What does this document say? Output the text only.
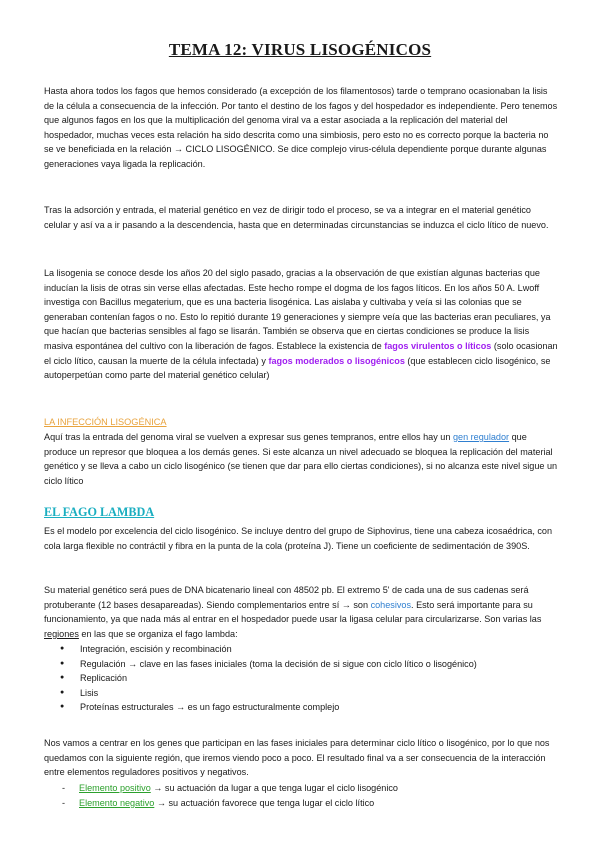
TEMA 12: VIRUS LISOGÉNICOS

Hasta ahora todos los fagos que hemos considerado (a excepción de los filamentosos) tarde o temprano ocasionaban la lisis de la célula a consecuencia de la infección. Por tanto el destino de los fagos y del hospedador es independiente. Pero tenemos que algunos fagos en los que la multiplicación del genoma viral va a estar asociada a la replicación del material del hospedador, muchas veces esta relación ha sido descrita como una simbiosis, pero esto no es correcto porque la bacteria no se ve beneficiada en la relación → CICLO LISOGÉNICO. Se dice complejo virus-célula dependiente porque durante algunas generaciones vaya ligada la replicación.

Tras la adsorción y entrada, el material genético en vez de dirigir todo el proceso, se va a integrar en el material genético celular y así va a ir pasando a la descendencia, hasta que en determinadas circunstancias se induzca el ciclo lítico de nuevo.

La lisogenia se conoce desde los años 20 del siglo pasado, gracias a la observación de que existían algunas bacterias que inducían la lisis de otras sin verse ellas afectadas. Este hecho rompe el dogma de los fagos líticos. En los años 50 A. Lwoff investiga con Bacillus megaterium, que es una bacteria lisogénica. Las aislaba y cultivaba y veía si las colonias que se generaban contenían fagos o no. Esto lo repitió durante 19 generaciones y siempre veía que las bacterias eran peculiares, ya que hacían que bacterias sensibles al fago se lisarán. También se observa que en ciertas condiciones se produce la lisis masiva espontánea del cultivo con la liberación de fagos. Establece la existencia de fagos virulentos o líticos (solo ocasionan el ciclo lítico, causan la muerte de la célula infectada) y fagos moderados o lisogénicos (que establecen ciclo lisogénico, se autoperpetúan como parte del material genético celular)

LA INFECCIÓN LISOGÉNICA

Aquí tras la entrada del genoma viral se vuelven a expresar sus genes tempranos, entre ellos hay un gen regulador que produce un represor que bloquea a los demás genes. Si este alcanza un nivel adecuado se bloquea la replicación del material genético y se lleva a cabo un ciclo lisogénico (se tienen que dar para ello ciertas condiciones), si no alcanza este nivel sigue un ciclo lítico

EL FAGO LAMBDA

Es el modelo por excelencia del ciclo lisogénico. Se incluye dentro del grupo de Siphovirus, tiene una cabeza icosaédrica, con cola larga flexible no contráctil y fibra en la punta de la cola (proteína J). Tiene un coeficiente de sedimentación de 390S.

Su material genético será pues de DNA bicatenario lineal con 48502 pb. El extremo 5' de cada una de sus cadenas será protuberante (12 bases desapareadas). Siendo complementarios entre sí → son cohesivos. Esto será importante para su funcionamiento, ya que nada más al entrar en el hospedador puede usar la ligasa celular para circularizarse. Son varias las regiones en las que se organiza el fago lambda:

● Integración, escisión y recombinación
● Regulación → clave en las fases iniciales (toma la decisión de si sigue con ciclo lítico o lisogénico)
● Replicación
● Lisis
● Proteínas estructurales → es un fago estructuralmente complejo

Nos vamos a centrar en los genes que participan en las fases iniciales para determinar ciclo lítico o lisogénico, por lo que nos quedamos con la siguiente región, que iremos viendo poco a poco. El resultado final va a ser consecuencia de la interacción entre elementos reguladores positivos y negativos.

- Elemento positivo → su actuación da lugar a que tenga lugar el ciclo lisogénico
- Elemento negativo → su actuación favorece que tenga lugar el ciclo lítico
